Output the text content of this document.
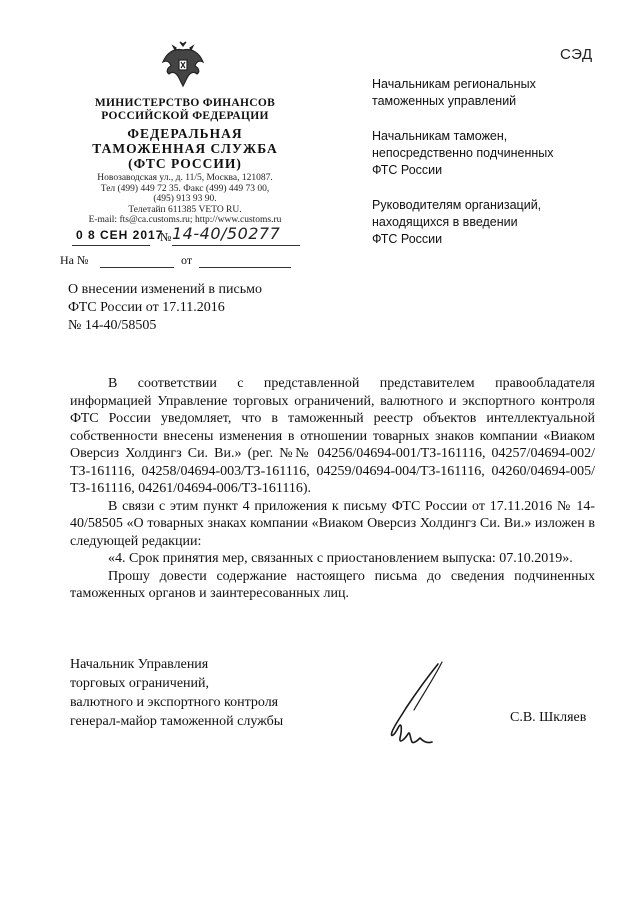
СЭД
МИНИСТЕРСТВО ФИНАНСОВ
РОССИЙСКОЙ ФЕДЕРАЦИИ
ФЕДЕРАЛЬНАЯ
ТАМОЖЕННАЯ СЛУЖБА
(ФТС РОССИИ)
Новозаводская ул., д. 11/5, Москва, 121087.
Тел (499) 449 72 35. Факс (499) 449 73 00,
(495) 913 93 90.
Телетайп 611385 VETO RU.
E-mail: fts@ca.customs.ru; http://www.customs.ru
0 8 СЕН 2017
№ 14-40/50277
На №	от
О внесении изменений в письмо
ФТС России от 17.11.2016
№ 14-40/58505

Начальникам региональных
таможенных управлений

Начальникам таможен,
непосредственно подчиненных
ФТС России

Руководителям организаций,
находящихся в введении
ФТС России

В соответствии с представленной представителем правообладателя информацией Управление торговых ограничений, валютного и экспортного контроля ФТС России уведомляет, что в таможенный реестр объектов интеллектуальной собственности внесены изменения в отношении товарных знаков компании «Виаком Оверсиз Холдингз Си. Ви.» (рег. №№ 04256/04694-001/ТЗ-161116, 04257/04694-002/ТЗ-161116, 04258/04694-003/ТЗ-161116, 04259/04694-004/ТЗ-161116, 04260/04694-005/ТЗ-161116, 04261/04694-006/ТЗ-161116).

В связи с этим пункт 4 приложения к письму ФТС России от 17.11.2016 № 14-40/58505 «О товарных знаках компании «Виаком Оверсиз Холдингз Си. Ви.» изложен в следующей редакции:

«4. Срок принятия мер, связанных с приостановлением выпуска: 07.10.2019».

Прошу довести содержание настоящего письма до сведения подчиненных таможенных органов и заинтересованных лиц.

Начальник Управления
торговых ограничений,
валютного и экспортного контроля
генерал-майор таможенной службы	С.В. Шкляев
